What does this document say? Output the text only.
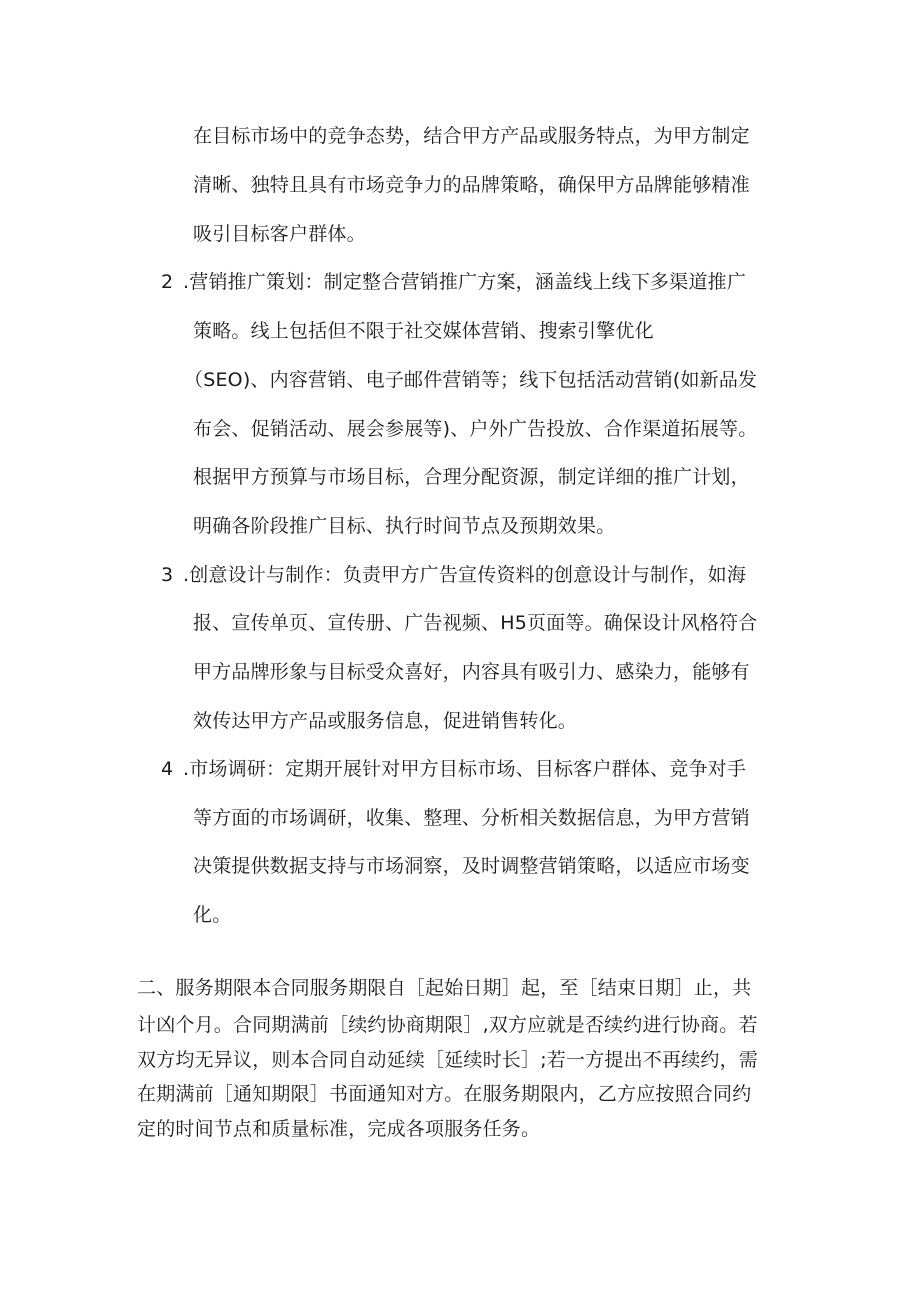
在目标市场中的竞争态势，结合甲方产品或服务特点，为甲方制定
清晰、独特且具有市场竞争力的品牌策略，确保甲方品牌能够精准
吸引目标客户群体。
2 .营销推广策划：制定整合营销推广方案，涵盖线上线下多渠道推广
策略。线上包括但不限于社交媒体营销、搜索引擎优化
（SEO)、内容营销、电子邮件营销等；线下包括活动营销(如新品发
布会、促销活动、展会参展等)、户外广告投放、合作渠道拓展等。
根据甲方预算与市场目标，合理分配资源，制定详细的推广计划，
明确各阶段推广目标、执行时间节点及预期效果。
3 .创意设计与制作：负责甲方广告宣传资料的创意设计与制作，如海
报、宣传单页、宣传册、广告视频、H5页面等。确保设计风格符合
甲方品牌形象与目标受众喜好，内容具有吸引力、感染力，能够有
效传达甲方产品或服务信息，促进销售转化。
4 .市场调研：定期开展针对甲方目标市场、目标客户群体、竞争对手
等方面的市场调研，收集、整理、分析相关数据信息，为甲方营销
决策提供数据支持与市场洞察，及时调整营销策略，以适应市场变
化。
二、服务期限本合同服务期限自［起始日期］起，至［结束日期］止，共
计凶个月。合同期满前［续约协商期限］,双方应就是否续约进行协商。若
双方均无异议，则本合同自动延续［延续时长］;若一方提出不再续约，需
在期满前［通知期限］书面通知对方。在服务期限内，乙方应按照合同约
定的时间节点和质量标准，完成各项服务任务。
